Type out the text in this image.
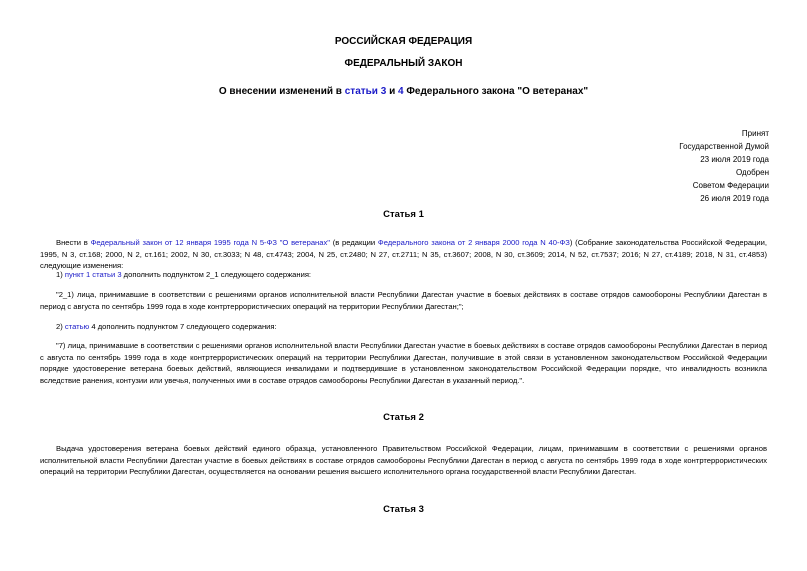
РОССИЙСКАЯ ФЕДЕРАЦИЯ
ФЕДЕРАЛЬНЫЙ ЗАКОН
О внесении изменений в статьи 3 и 4 Федерального закона "О ветеранах"
Принят
Государственной Думой
23 июля 2019 года
Одобрен
Советом Федерации
26 июля 2019 года
Статья 1
Внести в Федеральный закон от 12 января 1995 года N 5-ФЗ "О ветеранах" (в редакции Федерального закона от 2 января 2000 года N 40-ФЗ) (Собрание законодательства Российской Федерации, 1995, N 3, ст.168; 2000, N 2, ст.161; 2002, N 30, ст.3033; N 48, ст.4743; 2004, N 25, ст.2480; N 27, ст.2711; N 35, ст.3607; 2008, N 30, ст.3609; 2014, N 52, ст.7537; 2016; N 27, ст.4189; 2018, N 31, ст.4853) следующие изменения:
1) пункт 1 статьи 3 дополнить подпунктом 2_1 следующего содержания:
"2_1) лица, принимавшие в соответствии с решениями органов исполнительной власти Республики Дагестан участие в боевых действиях в составе отрядов самообороны Республики Дагестан в период с августа по сентябрь 1999 года в ходе контртеррористических операций на территории Республики Дагестан;";
2) статью 4 дополнить подпунктом 7 следующего содержания:
"7) лица, принимавшие в соответствии с решениями органов исполнительной власти Республики Дагестан участие в боевых действиях в составе отрядов самообороны Республики Дагестан в период с августа по сентябрь 1999 года в ходе контртеррористических операций на территории Республики Дагестан, получившие в этой связи в установленном законодательством Российской Федерации порядке удостоверение ветерана боевых действий, являющиеся инвалидами и подтвердившие в установленном законодательством Российской Федерации порядке, что инвалидность возникла вследствие ранения, контузии или увечья, полученных ими в составе отрядов самообороны Республики Дагестан в указанный период.".
Статья 2
Выдача удостоверения ветерана боевых действий единого образца, установленного Правительством Российской Федерации, лицам, принимавшим в соответствии с решениями органов исполнительной власти Республики Дагестан участие в боевых действиях в составе отрядов самообороны Республики Дагестан в период с августа по сентябрь 1999 года в ходе контртеррористических операций на территории Республики Дагестан, осуществляется на основании решения высшего исполнительного органа государственной власти Республики Дагестан.
Статья 3
